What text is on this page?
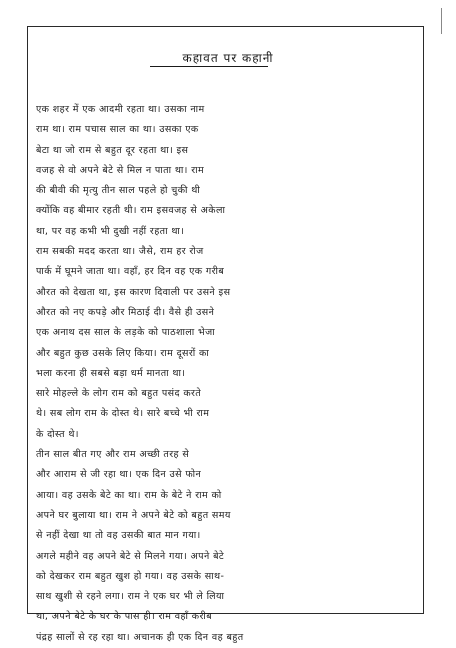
कहावत पर कहानी
एक शहर में एक आदमी रहता था। उसका नाम
राम था। राम पचास साल का था। उसका एक
बेटा था जो राम से बहुत दूर रहता था। इस
वजह से वो अपने बेटे से मिल न पाता था। राम
की बीवी की मृत्यु तीन साल पहले हो चुकी थी
क्योंकि वह बीमार रहती थी। राम इसवजह से अकेला
था, पर वह कभी भी दुखी नहीं रहता था।
राम सबकी मदद करता था। जैसे, राम हर रोज
पार्क में घूमने जाता था। वहाँ, हर दिन वह एक गरीब
औरत को देखता था, इस कारण दिवाली पर उसने इस
औरत को नए कपड़े और मिठाई दी। वैसे ही उसने
एक अनाथ दस साल के लड़के को पाठशाला भेजा
और बहुत कुछ उसके लिए किया। राम दूसरों का
भला करना ही सबसे बड़ा धर्म मानता था।
सारे मोहल्ले के लोग राम को बहुत पसंद करते
थे। सब लोग राम के दोस्त थे। सारे बच्चे भी राम
के दोस्त थे।
तीन साल बीत गए और राम अच्छी तरह से
और आराम से जी रहा था। एक दिन उसे फोन
आया। वह उसके बेटे का था। राम के बेटे ने राम को
अपने घर बुलाया था। राम ने अपने बेटे को बहुत समय
से नहीं देखा था तो वह उसकी बात मान गया।
अगले महीने वह अपने बेटे से मिलने गया। अपने बेटे
को देखकर राम बहुत खुश हो गया। वह उसके साथ-
साथ खुशी से रहने लगा। राम ने एक घर भी ले लिया
था, अपने बेटे के घर के पास ही। राम वहाँ करीब
पंद्रह सालों से रह रहा था। अचानक ही एक दिन वह बहुत
